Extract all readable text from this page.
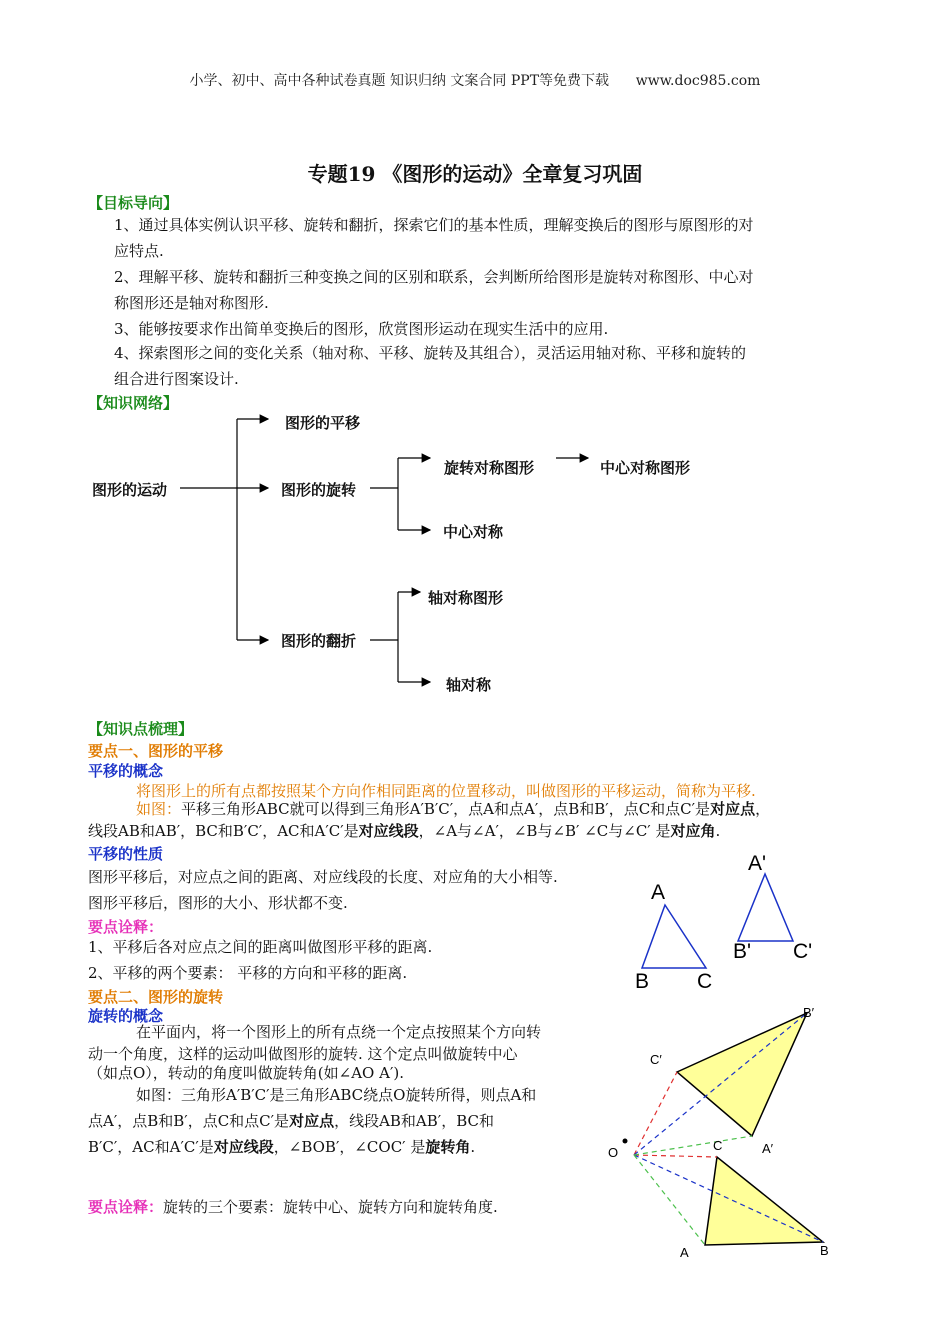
小学、初中、高中各种试卷真题 知识归纳 文案合同 PPT等免费下载 www.doc985.com
专题19 《图形的运动》全章复习巩固
【目标导向】
1、通过具体实例认识平移、旋转和翻折，探索它们的基本性质，理解变换后的图形与原图形的对
应特点.
2、理解平移、旋转和翻折三种变换之间的区别和联系，会判断所给图形是旋转对称图形、中心对
称图形还是轴对称图形.
3、能够按要求作出简单变换后的图形，欣赏图形运动在现实生活中的应用.
4、探索图形之间的变化关系（轴对称、平移、旋转及其组合），灵活运用轴对称、平移和旋转的
组合进行图案设计.
【知识网络】
图形的运动
图形的平移
图形的旋转
旋转对称图形	中心对称图形
中心对称
图形的翻折
轴对称图形
轴对称
【知识点梳理】
要点一、图形的平移
平移的概念
将图形上的所有点都按照某个方向作相同距离的位置移动，叫做图形的平移运动，简称为平移.
如图：平移三角形ABC就可以得到三角形A′B′C′，点A和点A′，点B和B′，点C和点C′是对应点，
线段AB和AB′，BC和B′C′，AC和A′C′是对应线段，∠A与∠A′，∠B与∠B′ ∠C与∠C′ 是对应角.
平移的性质
图形平移后，对应点之间的距离、对应线段的长度、对应角的大小相等.
图形平移后，图形的大小、形状都不变.
要点诠释：
1、平移后各对应点之间的距离叫做图形平移的距离.
2、平移的两个要素： 平移的方向和平移的距离.
A
B C
A'
B' C'
要点二、图形的旋转
旋转的概念
在平面内，将一个图形上的所有点绕一个定点按照某个方向转
动一个角度，这样的运动叫做图形的旋转. 这个定点叫做旋转中心
（如点O），转动的角度叫做旋转角(如∠AO A′).
如图：三角形A′B′C′是三角形ABC绕点O旋转所得，则点A和
点A′，点B和B′，点C和点C′是对应点，线段AB和AB′，BC和
B′C′，AC和A′C′是对应线段，∠BOB′，∠COC′ 是旋转角.
要点诠释：旋转的三个要素：旋转中心、旋转方向和旋转角度.
B′
C′
A′
C
O
A	B
